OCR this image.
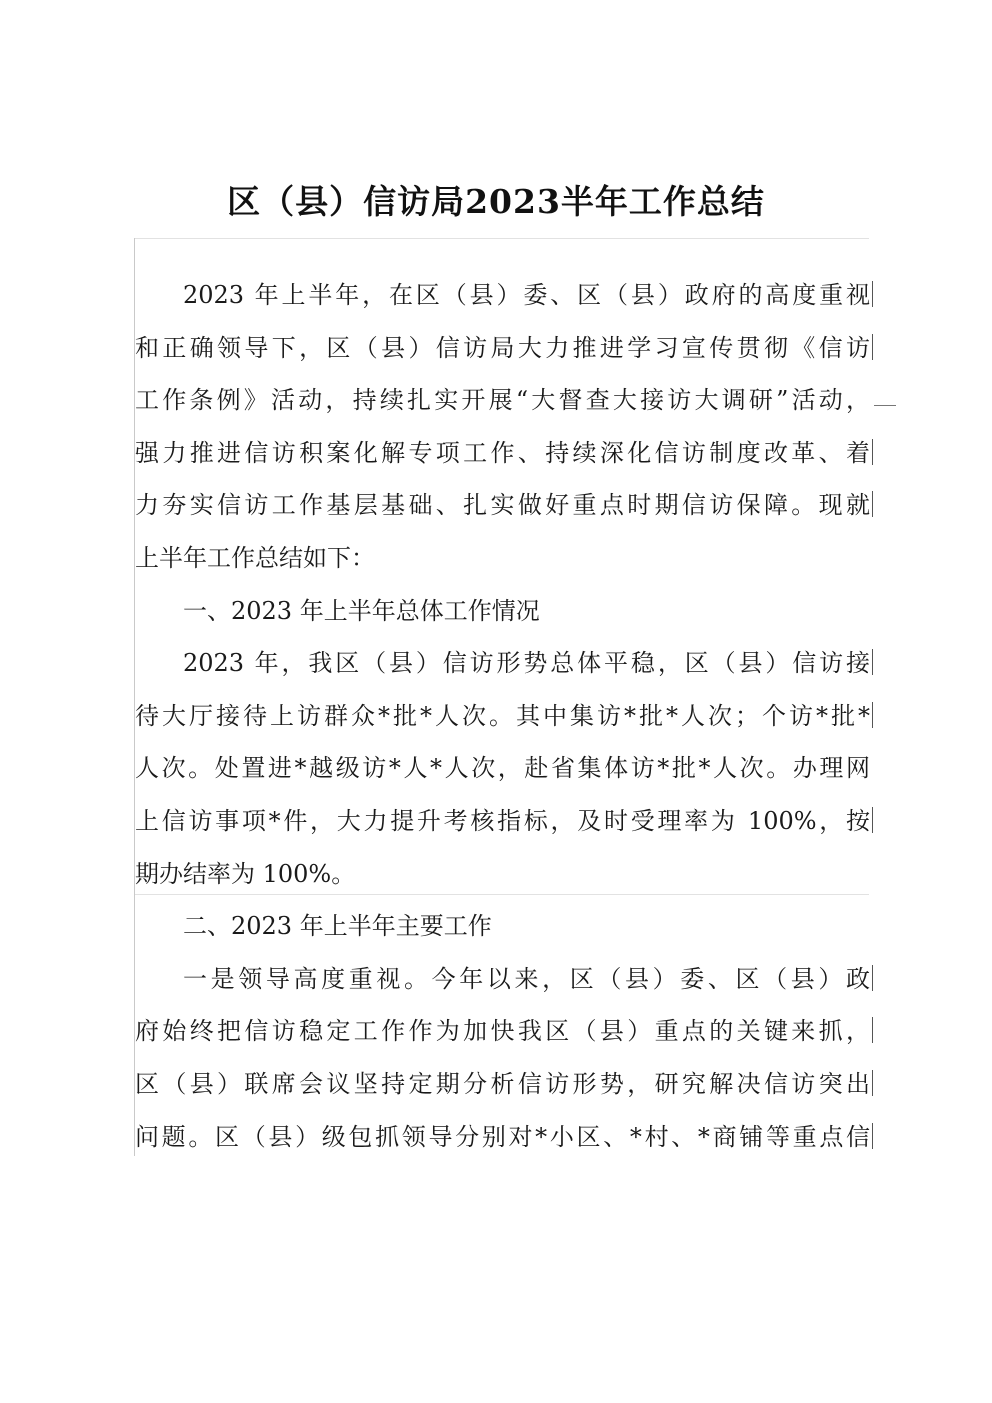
区（县）信访局2023半年工作总结
2023 年上半年，在区（县）委、区（县）政府的高度重视
和正确领导下，区（县）信访局大力推进学习宣传贯彻《信访
工作条例》活动，持续扎实开展“大督查大接访大调研”活动，
强力推进信访积案化解专项工作、持续深化信访制度改革、着
力夯实信访工作基层基础、扎实做好重点时期信访保障。现就
上半年工作总结如下：
一、2023 年上半年总体工作情况
2023 年，我区（县）信访形势总体平稳，区（县）信访接
待大厅接待上访群众*批*人次。其中集访*批*人次；个访*批*
人次。处置进*越级访*人*人次，赴省集体访*批*人次。办理网
上信访事项*件，大力提升考核指标，及时受理率为 100%，按
期办结率为 100%。
二、2023 年上半年主要工作
一是领导高度重视。今年以来，区（县）委、区（县）政
府始终把信访稳定工作作为加快我区（县）重点的关键来抓，
区（县）联席会议坚持定期分析信访形势，研究解决信访突出
问题。区（县）级包抓领导分别对*小区、*村、*商铺等重点信
